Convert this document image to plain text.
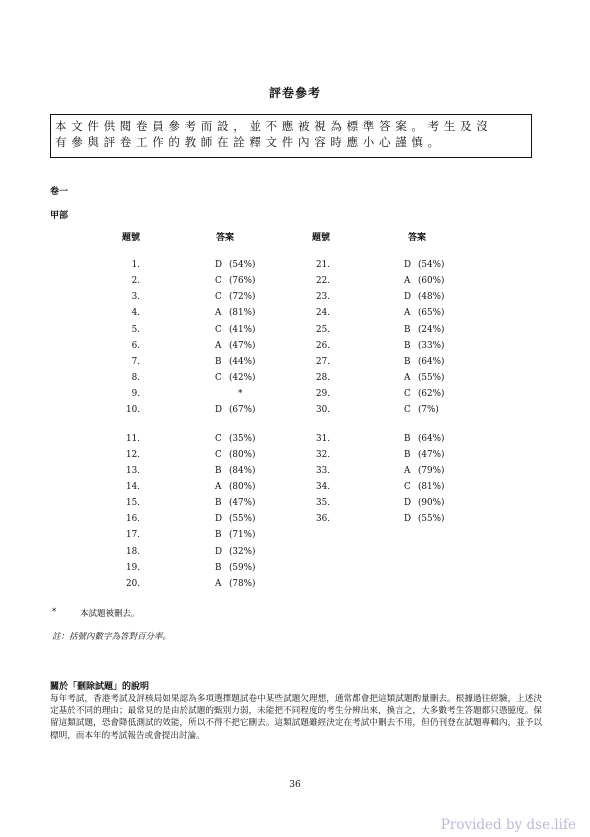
評卷參考
本文件供閱卷員參考而設，並不應被視為標準答案。考生及沒
有參與評卷工作的教師在詮釋文件內容時應小心謹慎。
卷一
甲部
題號	答案	題號	答案
1.	D (54%)
2.	C (76%)
3.	C (72%)
4.	A (81%)
5.	C (41%)
6.	A (47%)
7.	B (44%)
8.	C (42%)
9.	*
10.	D (67%)
11.	C (35%)
12.	C (80%)
13.	B (84%)
14.	A (80%)
15.	B (47%)
16.	D (55%)
17.	B (71%)
18.	D (32%)
19.	B (59%)
20.	A (78%)
21.	D (54%)
22.	A (60%)
23.	D (48%)
24.	A (65%)
25.	B (24%)
26.	B (33%)
27.	B (64%)
28.	A (55%)
29.	C (62%)
30.	C (7%)
31.	B (64%)
32.	B (47%)
33.	A (79%)
34.	C (81%)
35.	D (90%)
36.	D (55%)
*	本試題被刪去。
註：括號內數字為答對百分率。
關於「刪除試題」的說明
每年考試，香港考試及評核局如果認為多項選擇題試卷中某些試題欠理想，通常都會把這類試題酌量刪去。根據過往經驗，上述決定基於不同的理由；最常見的是由於試題的甄別力弱，未能把不同程度的考生分辨出來，換言之，大多數考生答題都只憑臆度。保留這類試題，恐會降低測試的效能，所以不得不把它刪去。這類試題雖經決定在考試中刪去不用，但仍刊登在試題專輯內，並予以標明，而本年的考試報告或會提出討論。
36
Provided by dse.life
